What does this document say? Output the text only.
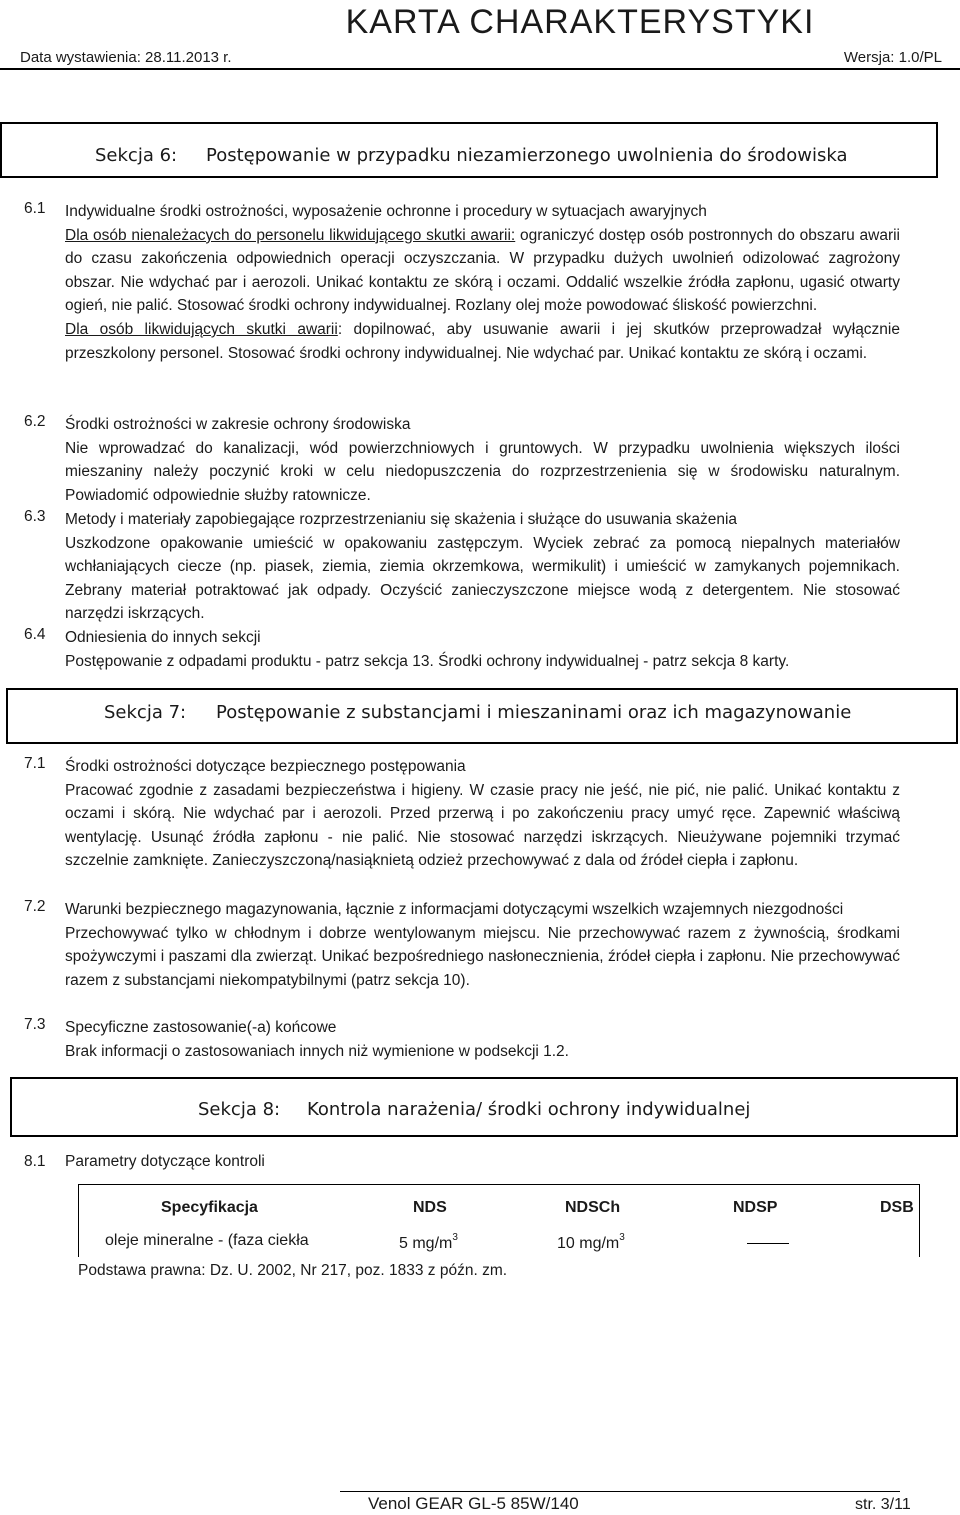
KARTA CHARAKTERYSTYKI
Data wystawienia: 28.11.2013 r.	Wersja: 1.0/PL
Sekcja 6: Postępowanie w przypadku niezamierzonego uwolnienia do środowiska
6.1	Indywidualne środki ostrożności, wyposażenie ochronne i procedury w sytuacjach awaryjnych

Dla osób nienależacych do personelu likwidującego skutki awarii: ograniczyć dostęp osób postronnych do obszaru awarii do czasu zakończenia odpowiednich operacji oczyszczania. W przypadku dużych uwolnień odizolować zagrożony obszar. Nie wdychać par i aerozoli. Unikać kontaktu ze skórą i oczami. Oddalić wszelkie źródła zapłonu, ugasić otwarty ogień, nie palić. Stosować środki ochrony indywidualnej. Rozlany olej może powodować śliskość powierzchni.

Dla osób likwidujących skutki awarii: dopilnować, aby usuwanie awarii i jej skutków przeprowadzał wyłącznie przeszkolony personel. Stosować środki ochrony indywidualnej. Nie wdychać par. Unikać kontaktu ze skórą i oczami.

6.2	Środki ostrożności w zakresie ochrony środowiska

Nie wprowadzać do kanalizacji, wód powierzchniowych i gruntowych. W przypadku uwolnienia większych ilości mieszaniny należy poczynić kroki w celu niedopuszczenia do rozprzestrzenienia się w środowisku naturalnym. Powiadomić odpowiednie służby ratownicze.

6.3	Metody i materiały zapobiegające rozprzestrzenianiu się skażenia i służące do usuwania skażenia

Uszkodzone opakowanie umieścić w opakowaniu zastępczym. Wyciek zebrać za pomocą niepalnych materiałów wchłaniających ciecze (np. piasek, ziemia, ziemia okrzemkowa, wermikulit) i umieścić w zamykanych pojemnikach. Zebrany materiał potraktować jak odpady. Oczyścić zanieczyszczone miejsce wodą z detergentem. Nie stosować narzędzi iskrzących.

6.4	Odniesienia do innych sekcji

Postępowanie z odpadami produktu - patrz sekcja 13. Środki ochrony indywidualnej - patrz sekcja 8 karty.

Sekcja 7: Postępowanie z substancjami i mieszaninami oraz ich magazynowanie
7.1	Środki ostrożności dotyczące bezpiecznego postępowania

Pracować zgodnie z zasadami bezpieczeństwa i higieny. W czasie pracy nie jeść, nie pić, nie palić. Unikać kontaktu z oczami i skórą. Nie wdychać par i aerozoli. Przed przerwą i po zakończeniu pracy umyć ręce. Zapewnić właściwą wentylację. Usunąć źródła zapłonu - nie palić. Nie stosować narzędzi iskrzących. Nieużywane pojemniki trzymać szczelnie zamknięte. Zanieczyszczoną/nasiąknietą odzież przechowywać z dala od źródeł ciepła i zapłonu.

7.2	Warunki bezpiecznego magazynowania, łącznie z informacjami dotyczącymi wszelkich wzajemnych niezgodności

Przechowywać tylko w chłodnym i dobrze wentylowanym miejscu. Nie przechowywać razem z żywnością, środkami spożywczymi i paszami dla zwierząt. Unikać bezpośredniego nasłonecznienia, źródeł ciepła i zapłonu. Nie przechowywać razem z substancjami niekompatybilnymi (patrz sekcja 10).

7.3	Specyficzne zastosowanie(-a) końcowe

Brak informacji o zastosowaniach innych niż wymienione w podsekcji 1.2.

Sekcja 8: Kontrola narażenia/ środki ochrony indywidualnej
8.1	Parametry dotyczące kontroli
Specyfikacja	NDS	NDSCh	NDSP	DSB
oleje mineralne - (faza ciekła	5 $mg/m^3$	10 $mg/m^3$
Podstawa prawna: Dz. U. 2002, Nr 217, poz. 1833 z późn. zm.
Venol GEAR GL-5 85W/140	str. 3/11
